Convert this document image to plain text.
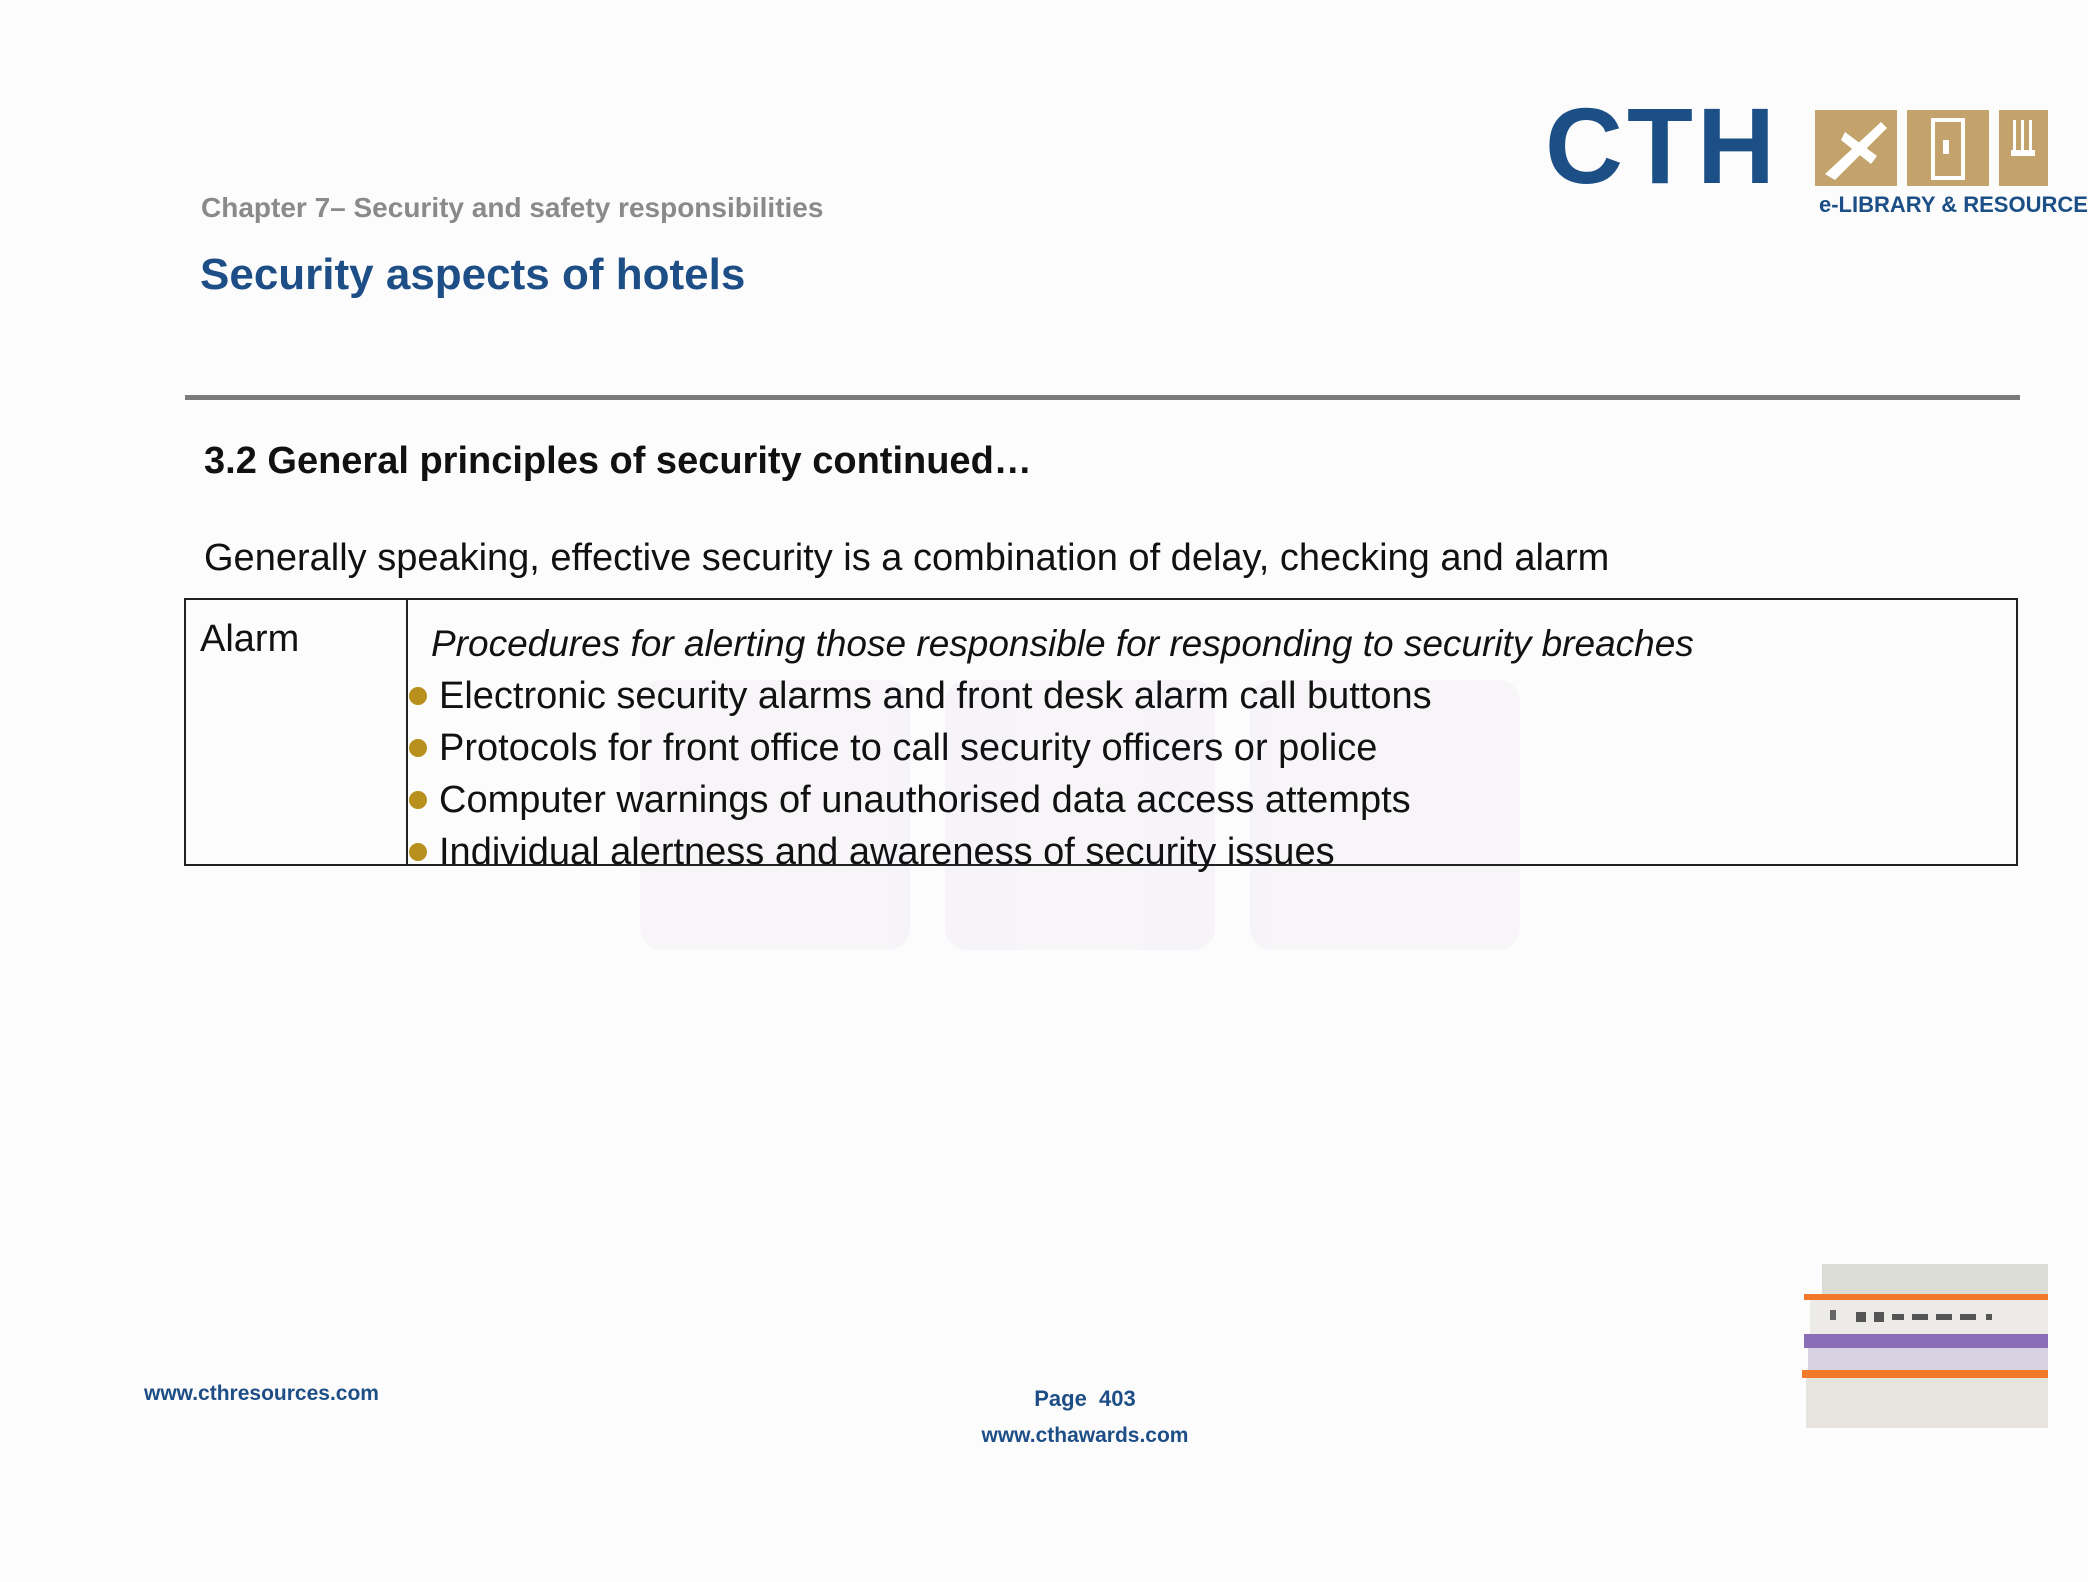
CTH e-LIBRARY & RESOURCE
Chapter 7– Security and safety responsibilities
Security aspects of hotels
3.2 General principles of security continued…
Generally speaking, effective security is a combination of delay, checking and alarm
Alarm	Procedures for alerting those responsible for responding to security breaches
Electronic security alarms and front desk alarm call buttons
Protocols for front office to call security officers or police
Computer warnings of unauthorised data access attempts
Individual alertness and awareness of security issues
www.cthresources.com	Page  403
www.cthawards.com
